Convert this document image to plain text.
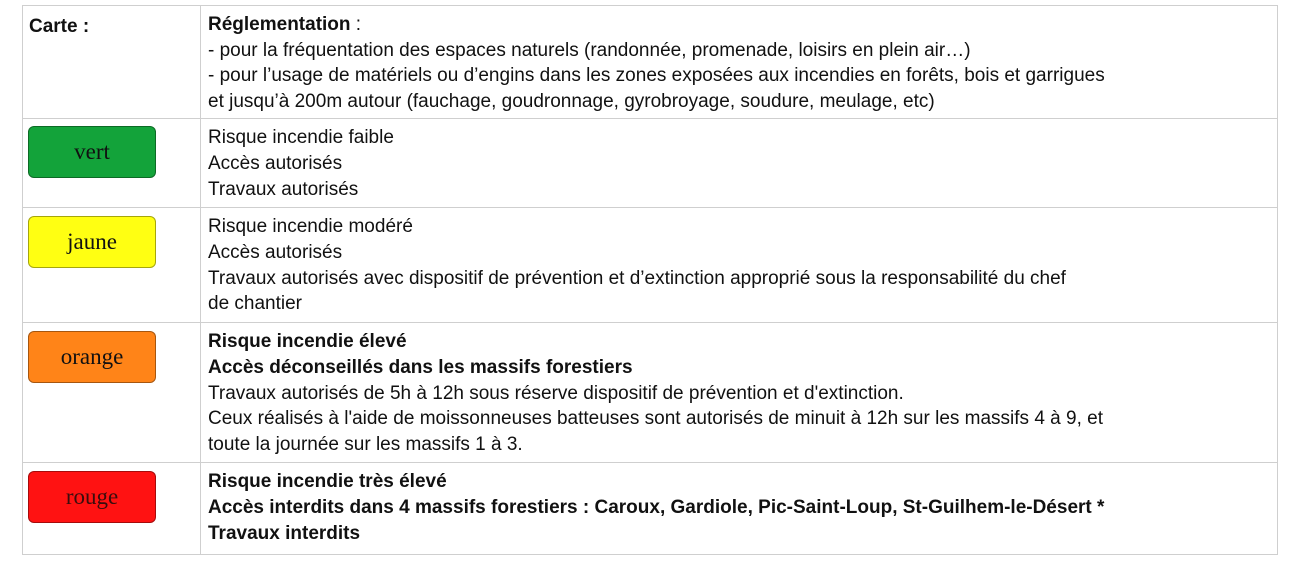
Carte :	Réglementation :
- pour la fréquentation des espaces naturels (randonnée, promenade, loisirs en plein air…)
- pour l’usage de matériels ou d’engins dans les zones exposées aux incendies en forêts, bois et garrigues
et jusqu’à 200m autour (fauchage, goudronnage, gyrobroyage, soudure, meulage, etc)

vert	Risque incendie faible
Accès autorisés
Travaux autorisés

jaune	Risque incendie modéré
Accès autorisés
Travaux autorisés avec dispositif de prévention et d’extinction approprié sous la responsabilité du chef
de chantier

orange	Risque incendie élevé
Accès déconseillés dans les massifs forestiers
Travaux autorisés de 5h à 12h sous réserve dispositif de prévention et d'extinction.
Ceux réalisés à l'aide de moissonneuses batteuses sont autorisés de minuit à 12h sur les massifs 4 à 9, et
toute la journée sur les massifs 1 à 3.

rouge	Risque incendie très élevé
Accès interdits dans 4 massifs forestiers : Caroux, Gardiole, Pic-Saint-Loup, St-Guilhem-le-Désert *
Travaux interdits
